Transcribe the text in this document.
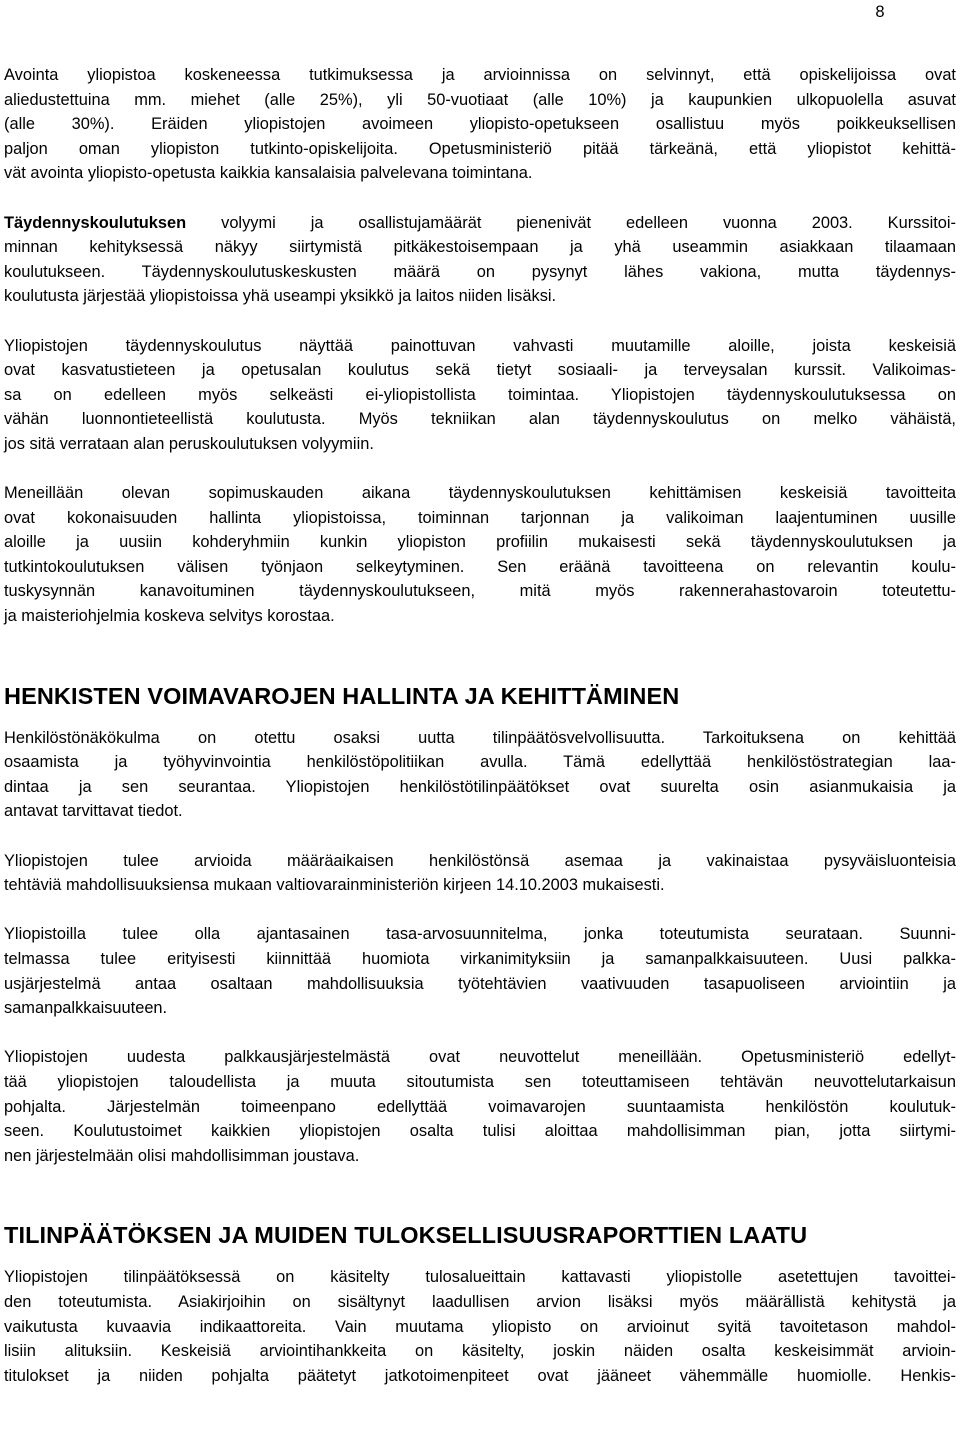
8

Avointa yliopistoa koskeneessa tutkimuksessa ja arvioinnissa on selvinnyt, että opiskelijoissa ovat
aliedustettuina mm. miehet (alle 25%), yli 50-vuotiaat (alle 10%) ja kaupunkien ulkopuolella asuvat
(alle 30%). Eräiden yliopistojen avoimeen yliopisto-opetukseen osallistuu myös poikkeuksellisen
paljon oman yliopiston tutkinto-opiskelijoita. Opetusministeriö pitää tärkeänä, että yliopistot kehittä-
vät avointa yliopisto-opetusta kaikkia kansalaisia palvelevana toimintana.

Täydennyskoulutuksen volyymi ja osallistujamäärät pienenivät edelleen vuonna 2003. Kurssitoi-
minnan kehityksessä näkyy siirtymistä pitkäkestoisempaan ja yhä useammin asiakkaan tilaamaan
koulutukseen. Täydennyskoulutuskeskusten määrä on pysynyt lähes vakiona, mutta täydennys-
koulutusta järjestää yliopistoissa yhä useampi yksikkö ja laitos niiden lisäksi.

Yliopistojen täydennyskoulutus näyttää painottuvan vahvasti muutamille aloille, joista keskeisiä
ovat kasvatustieteen ja opetusalan koulutus sekä tietyt sosiaali- ja terveysalan kurssit. Valikoimas-
sa on edelleen myös selkeästi ei-yliopistollista toimintaa. Yliopistojen täydennyskoulutuksessa on
vähän luonnontieteellistä koulutusta. Myös tekniikan alan täydennyskoulutus on melko vähäistä,
jos sitä verrataan alan peruskoulutuksen volyymiin.

Meneillään olevan sopimuskauden aikana täydennyskoulutuksen kehittämisen keskeisiä tavoitteita
ovat kokonaisuuden hallinta yliopistoissa, toiminnan tarjonnan ja valikoiman laajentuminen uusille
aloille ja uusiin kohderyhmiin kunkin yliopiston profiilin mukaisesti sekä täydennyskoulutuksen ja
tutkintokoulutuksen välisen työnjaon selkeytyminen. Sen eräänä tavoitteena on relevantin koulu-
tuskysynnän kanavoituminen täydennyskoulutukseen, mitä myös rakennerahastovaroin toteutettu-
ja maisteriohjelmia koskeva selvitys korostaa.

HENKISTEN VOIMAVAROJEN HALLINTA JA KEHITTÄMINEN

Henkilöstönäkökulma on otettu osaksi uutta tilinpäätösvelvollisuutta. Tarkoituksena on kehittää
osaamista ja työhyvinvointia henkilöstöpolitiikan avulla. Tämä edellyttää henkilöstöstrategian laa-
dintaa ja sen seurantaa. Yliopistojen henkilöstötilinpäätökset ovat suurelta osin asianmukaisia ja
antavat tarvittavat tiedot.

Yliopistojen tulee arvioida määräaikaisen henkilöstönsä asemaa ja vakinaistaa pysyväisluonteisia
tehtäviä mahdollisuuksiensa mukaan valtiovarainministeriön kirjeen 14.10.2003 mukaisesti.

Yliopistoilla tulee olla ajantasainen tasa-arvosuunnitelma, jonka toteutumista seurataan. Suunni-
telmassa tulee erityisesti kiinnittää huomiota virkanimityksiin ja samanpalkkaisuuteen. Uusi palkka-
usjärjestelmä antaa osaltaan mahdollisuuksia työtehtävien vaativuuden tasapuoliseen arviointiin ja
samanpalkkaisuuteen.

Yliopistojen uudesta palkkausjärjestelmästä ovat neuvottelut meneillään. Opetusministeriö edellyt-
tää yliopistojen taloudellista ja muuta sitoutumista sen toteuttamiseen tehtävän neuvottelutarkaisun
pohjalta. Järjestelmän toimeenpano edellyttää voimavarojen suuntaamista henkilöstön koulutuk-
seen. Koulutustoimet kaikkien yliopistojen osalta tulisi aloittaa mahdollisimman pian, jotta siirtymi-
nen järjestelmään olisi mahdollisimman joustava.

TILINPÄÄTÖKSEN JA MUIDEN TULOKSELLISUUSRAPORTTIEN LAATU

Yliopistojen tilinpäätöksessä on käsitelty tulosalueittain kattavasti yliopistolle asetettujen tavoittei-
den toteutumista. Asiakirjoihin on sisältynyt laadullisen arvion lisäksi myös määrällistä kehitystä ja
vaikutusta kuvaavia indikaattoreita. Vain muutama yliopisto on arvioinut syitä tavoitetason mahdol-
lisiin alituksiin. Keskeisiä arviointihankkeita on käsitelty, joskin näiden osalta keskeisimmät arvioin-
titulokset ja niiden pohjalta päätetyt jatkotoimenpiteet ovat jääneet vähemmälle huomiolle. Henkis-
